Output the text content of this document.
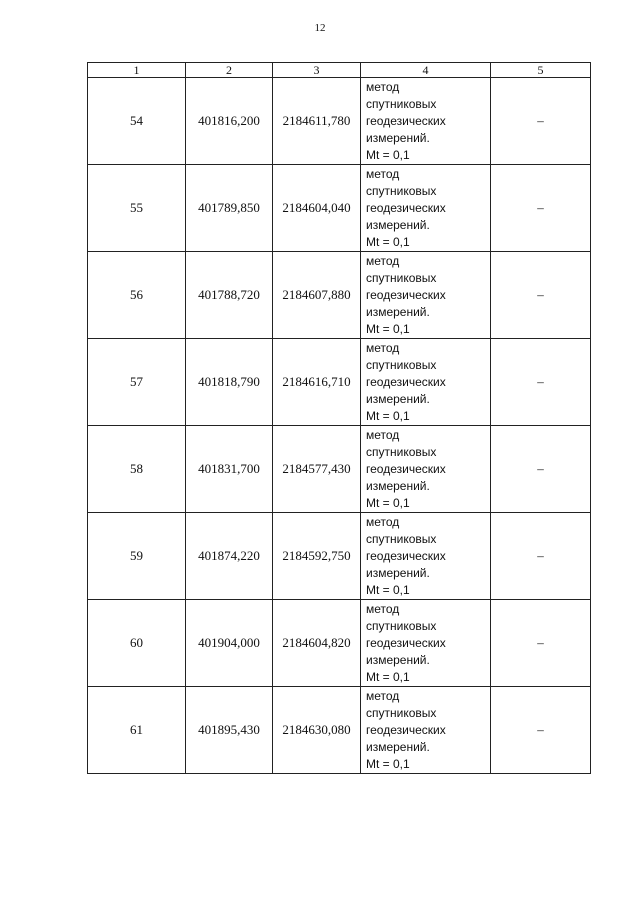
12
1	2	3	4	5
54	401816,200	2184611,780	метод
спутниковых
геодезических
измерений.
Mt = 0,1	–
55	401789,850	2184604,040	метод
спутниковых
геодезических
измерений.
Mt = 0,1	–
56	401788,720	2184607,880	метод
спутниковых
геодезических
измерений.
Mt = 0,1	–
57	401818,790	2184616,710	метод
спутниковых
геодезических
измерений.
Mt = 0,1	–
58	401831,700	2184577,430	метод
спутниковых
геодезических
измерений.
Mt = 0,1	–
59	401874,220	2184592,750	метод
спутниковых
геодезических
измерений.
Mt = 0,1	–
60	401904,000	2184604,820	метод
спутниковых
геодезических
измерений.
Mt = 0,1	–
61	401895,430	2184630,080	метод
спутниковых
геодезических
измерений.
Mt = 0,1	–
